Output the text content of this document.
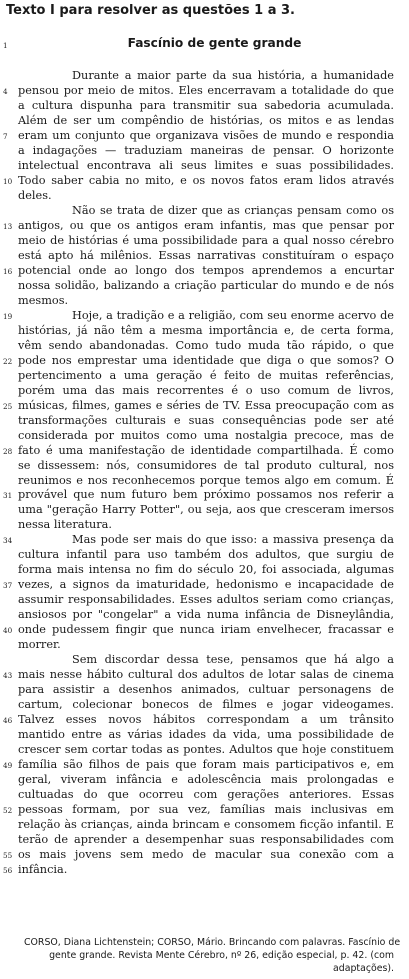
Texto I para resolver as questões 1 a 3.
1	Fascínio de gente grande
Durante a maior parte da sua história, a humanidade
4 pensou por meio de mitos. Eles encerravam a totalidade do que
a cultura dispunha para transmitir sua sabedoria acumulada.
Além de ser um compêndio de histórias, os mitos e as lendas
7 eram um conjunto que organizava visões de mundo e respondia
a indagações — traduziam maneiras de pensar. O horizonte
intelectual encontrava ali seus limites e suas possibilidades.
10 Todo saber cabia no mito, e os novos fatos eram lidos através
deles.
Não se trata de dizer que as crianças pensam como os
13 antigos, ou que os antigos eram infantis, mas que pensar por
meio de histórias é uma possibilidade para a qual nosso cérebro
está apto há milênios. Essas narrativas constituíram o espaço
16 potencial onde ao longo dos tempos aprendemos a encurtar
nossa solidão, balizando a criação particular do mundo e de nós
mesmos.
19	Hoje, a tradição e a religião, com seu enorme acervo de
histórias, já não têm a mesma importância e, de certa forma,
vêm sendo abandonadas. Como tudo muda tão rápido, o que
22 pode nos emprestar uma identidade que diga o que somos? O
pertencimento a uma geração é feito de muitas referências,
porém uma das mais recorrentes é o uso comum de livros,
25 músicas, filmes, games e séries de TV. Essa preocupação com as
transformações culturais e suas consequências pode ser até
considerada por muitos como uma nostalgia precoce, mas de
28 fato é uma manifestação de identidade compartilhada. É como
se dissessem: nós, consumidores de tal produto cultural, nos
reunimos e nos reconhecemos porque temos algo em comum. É
31 provável que num futuro bem próximo possamos nos referir a
uma "geração Harry Potter", ou seja, aos que cresceram imersos
nessa literatura.
34	Mas pode ser mais do que isso: a massiva presença da
cultura infantil para uso também dos adultos, que surgiu de
forma mais intensa no fim do século 20, foi associada, algumas
37 vezes, a signos da imaturidade, hedonismo e incapacidade de
assumir responsabilidades. Esses adultos seriam como crianças,
ansiosos por "congelar" a vida numa infância de Disneylândia,
40 onde pudessem fingir que nunca iriam envelhecer, fracassar e
morrer.
Sem discordar dessa tese, pensamos que há algo a
43 mais nesse hábito cultural dos adultos de lotar salas de cinema
para assistir a desenhos animados, cultuar personagens de
cartum, colecionar bonecos de filmes e jogar videogames.
46 Talvez esses novos hábitos correspondam a um trânsito
mantido entre as várias idades da vida, uma possibilidade de
crescer sem cortar todas as pontes. Adultos que hoje constituem
49 família são filhos de pais que foram mais participativos e, em
geral, viveram infância e adolescência mais prolongadas e
cultuadas do que ocorreu com gerações anteriores. Essas
52 pessoas formam, por sua vez, famílias mais inclusivas em
relação às crianças, ainda brincam e consomem ficção infantil. E
terão de aprender a desempenhar suas responsabilidades com
55 os mais jovens sem medo de macular sua conexão com a
56 infância.
CORSO, Diana Lichtenstein; CORSO, Mário. Brincando com palavras. Fascínio de
gente grande. Revista Mente Cérebro, nº 26, edição especial, p. 42. (com
adaptações).
